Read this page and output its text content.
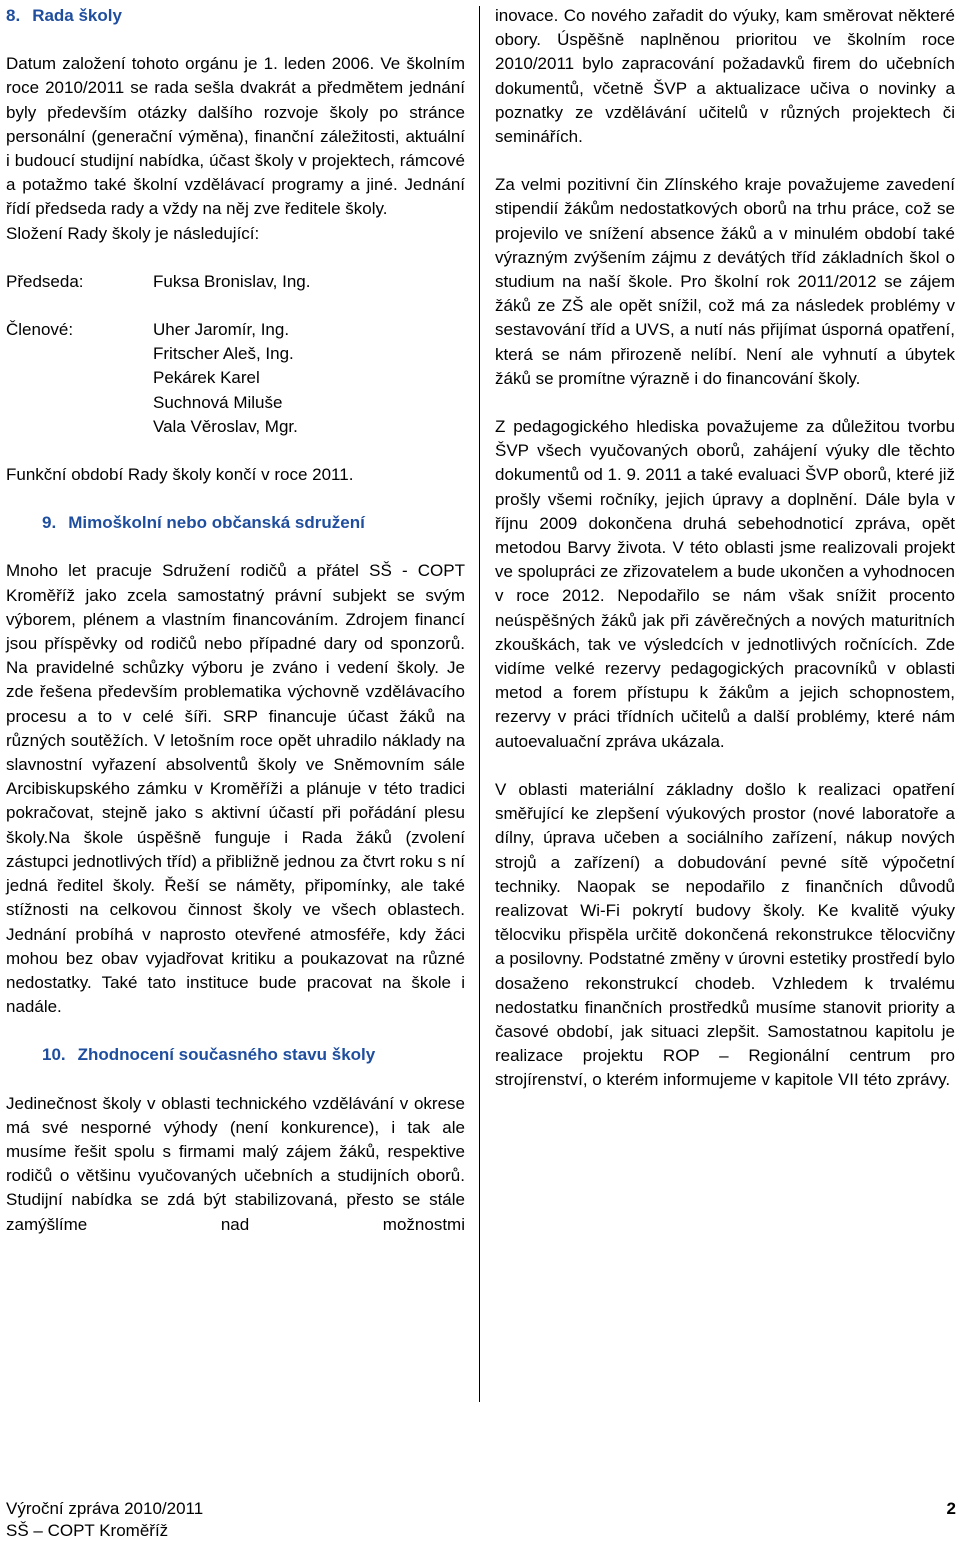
8. Rada školy

Datum založení tohoto orgánu je 1. leden 2006. Ve školním roce 2010/2011 se rada sešla dvakrát a předmětem jednání byly především otázky dalšího rozvoje školy po stránce personální (generační výměna), finanční záležitosti, aktuální i budoucí studijní nabídka, účast školy v projektech, rámcové a potažmo také školní vzdělávací programy a jiné. Jednání řídí předseda rady a vždy na něj zve ředitele školy.

Složení Rady školy je následující:

Předseda:	Fuksa Bronislav, Ing.
Členové:	Uher Jaromír, Ing.
Fritscher Aleš, Ing.
Pekárek Karel
Suchnová Miluše
Vala Věroslav, Mgr.

Funkční období Rady školy končí v roce 2011.

9. Mimoškolní nebo občanská sdružení

Mnoho let pracuje Sdružení rodičů a přátel SŠ - COPT Kroměříž jako zcela samostatný právní subjekt se svým výborem, plénem a vlastním financováním. Zdrojem financí jsou příspěvky od rodičů nebo případné dary od sponzorů. Na pravidelné schůzky výboru je zváno i vedení školy. Je zde řešena především problematika výchovně vzdělávacího procesu a to v celé šíři. SRP financuje účast žáků na různých soutěžích. V letošním roce opět uhradilo náklady na slavnostní vyřazení absolventů školy ve Sněmovním sále Arcibiskupského zámku v Kroměříži a plánuje v této tradici pokračovat, stejně jako s aktivní účastí při pořádání plesu školy.Na škole úspěšně funguje i Rada žáků (zvolení zástupci jednotlivých tříd) a přibližně jednou za čtvrt roku s ní jedná ředitel školy. Řeší se náměty, připomínky, ale také stížnosti na celkovou činnost školy ve všech oblastech. Jednání probíhá v naprosto otevřené atmosféře, kdy žáci mohou bez obav vyjadřovat kritiku a poukazovat na různé nedostatky. Také tato instituce bude pracovat na škole i nadále.

10. Zhodnocení současného stavu školy

Jedinečnost školy v oblasti technického vzdělávání v okrese má své nesporné výhody (není konkurence), i tak ale musíme řešit spolu s firmami malý zájem žáků, respektive rodičů o většinu vyučovaných učebních a studijních oborů. Studijní nabídka se zdá být stabilizovaná, přesto se stále zamýšlíme nad možnostmi

inovace. Co nového zařadit do výuky, kam směrovat některé obory. Úspěšně naplněnou prioritou ve školním roce 2010/2011 bylo zapracování požadavků firem do učebních dokumentů, včetně ŠVP a aktualizace učiva o novinky a poznatky ze vzdělávání učitelů v různých projektech či seminářích.

Za velmi pozitivní čin Zlínského kraje považujeme zavedení stipendií žákům nedostatkových oborů na trhu práce, což se projevilo ve snížení absence žáků a v minulém období také výrazným zvýšením zájmu z devátých tříd základních škol o studium na naší škole. Pro školní rok 2011/2012 se zájem žáků ze ZŠ ale opět snížil, což má za následek problémy v sestavování tříd a UVS, a nutí nás přijímat úsporná opatření, která se nám přirozeně nelíbí. Není ale vyhnutí a úbytek žáků se promítne výrazně i do financování školy.

Z pedagogického hlediska považujeme za důležitou tvorbu ŠVP všech vyučovaných oborů, zahájení výuky dle těchto dokumentů od 1. 9. 2011 a také evaluaci ŠVP oborů, které již prošly všemi ročníky, jejich úpravy a doplnění. Dále byla v říjnu 2009 dokončena druhá sebehodnoticí zpráva, opět metodou Barvy života. V této oblasti jsme realizovali projekt ve spolupráci ze zřizovatelem a bude ukončen a vyhodnocen v roce 2012. Nepodařilo se nám však snížit procento neúspěšných žáků jak při závěrečných a nových maturitních zkouškách, tak ve výsledcích v jednotlivých ročnících. Zde vidíme velké rezervy pedagogických pracovníků v oblasti metod a forem přístupu k žákům a jejich schopnostem, rezervy v práci třídních učitelů a další problémy, které nám autoevaluační zpráva ukázala.

V oblasti materiální základny došlo k realizaci opatření směřující ke zlepšení výukových prostor (nové laboratoře a dílny, úprava učeben a sociálního zařízení, nákup nových strojů a zařízení) a dobudování pevné sítě výpočetní techniky. Naopak se nepodařilo z finančních důvodů realizovat Wi-Fi pokrytí budovy školy. Ke kvalitě výuky tělocviku přispěla určitě dokončená rekonstrukce tělocvičny a posilovny. Podstatné změny v úrovni estetiky prostředí bylo dosaženo rekonstrukcí chodeb. Vzhledem k trvalému nedostatku finančních prostředků musíme stanovit priority a časové období, jak situaci zlepšit. Samostatnou kapitolu je realizace projektu ROP – Regionální centrum pro strojírenství, o kterém informujeme v kapitole VII této zprávy.

Výroční zpráva 2010/2011
SŠ – COPT Kroměříž
2
